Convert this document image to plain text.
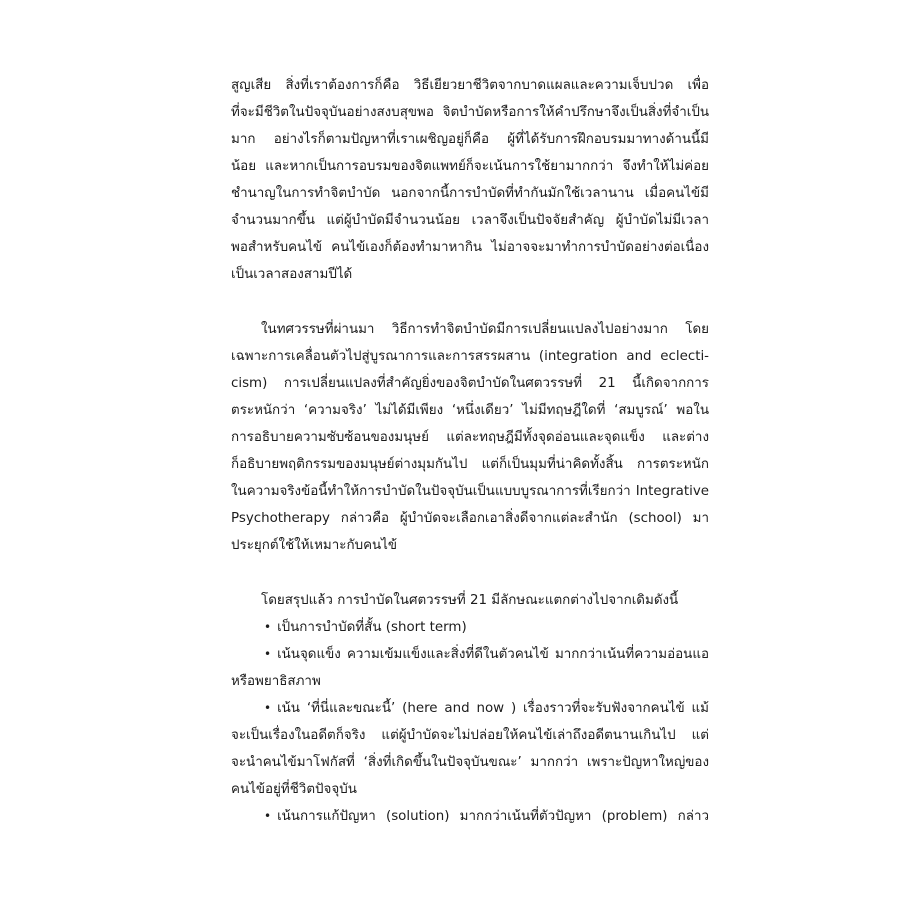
สูญเสีย สิ่งที่เราต้องการก็คือ วิธีเยียวยาชีวิตจากบาดแผลและความเจ็บปวด เพื่อ
ที่จะมีชีวิตในปัจจุบันอย่างสงบสุขพอ จิตบำบัดหรือการให้คำปรึกษาจึงเป็นสิ่งที่จำเป็น
มาก อย่างไรก็ตามปัญหาที่เราเผชิญอยู่ก็คือ ผู้ที่ได้รับการฝึกอบรมมาทางด้านนี้มี
น้อย และหากเป็นการอบรมของจิตแพทย์ก็จะเน้นการใช้ยามากกว่า จึงทำให้ไม่ค่อย
ชำนาญในการทำจิตบำบัด นอกจากนี้การบำบัดที่ทำกันมักใช้เวลานาน เมื่อคนไข้มี
จำนวนมากขึ้น แต่ผู้บำบัดมีจำนวนน้อย เวลาจึงเป็นปัจจัยสำคัญ ผู้บำบัดไม่มีเวลา
พอสำหรับคนไข้ คนไข้เองก็ต้องทำมาหากิน ไม่อาจจะมาทำการบำบัดอย่างต่อเนื่อง
เป็นเวลาสองสามปีได้
ในทศวรรษที่ผ่านมา วิธีการทำจิตบำบัดมีการเปลี่ยนแปลงไปอย่างมาก โดย
เฉพาะการเคลื่อนตัวไปสู่บูรณาการและการสรรผสาน (integration and eclecti-
cism) การเปลี่ยนแปลงที่สำคัญยิ่งของจิตบำบัดในศตวรรษที่ 21 นี้เกิดจากการ
ตระหนักว่า ‘ความจริง’ ไม่ได้มีเพียง ‘หนึ่งเดียว’ ไม่มีทฤษฎีใดที่ ‘สมบูรณ์’ พอใน
การอธิบายความซับซ้อนของมนุษย์ แต่ละทฤษฎีมีทั้งจุดอ่อนและจุดแข็ง และต่าง
ก็อธิบายพฤติกรรมของมนุษย์ต่างมุมกันไป แต่ก็เป็นมุมที่น่าคิดทั้งสิ้น การตระหนัก
ในความจริงข้อนี้ทำให้การบำบัดในปัจจุบันเป็นแบบบูรณาการที่เรียกว่า Integrative
Psychotherapy กล่าวคือ ผู้บำบัดจะเลือกเอาสิ่งดีจากแต่ละสำนัก (school) มา
ประยุกต์ใช้ให้เหมาะกับคนไข้
โดยสรุปแล้ว การบำบัดในศตวรรษที่ 21 มีลักษณะแตกต่างไปจากเดิมดังนี้
• เป็นการบำบัดที่สั้น (short term)
• เน้นจุดแข็ง ความเข้มแข็งและสิ่งที่ดีในตัวคนไข้ มากกว่าเน้นที่ความอ่อนแอ
หรือพยาธิสภาพ
• เน้น ‘ที่นี่และขณะนี้’ (here and now ) เรื่องราวที่จะรับฟังจากคนไข้ แม้
จะเป็นเรื่องในอดีตก็จริง แต่ผู้บำบัดจะไม่ปล่อยให้คนไข้เล่าถึงอดีตนานเกินไป แต่
จะนำคนไข้มาโฟกัสที่ ‘สิ่งที่เกิดขึ้นในปัจจุบันขณะ’ มากกว่า เพราะปัญหาใหญ่ของ
คนไข้อยู่ที่ชีวิตปัจจุบัน
• เน้นการแก้ปัญหา (solution) มากกว่าเน้นที่ตัวปัญหา (problem) กล่าว
